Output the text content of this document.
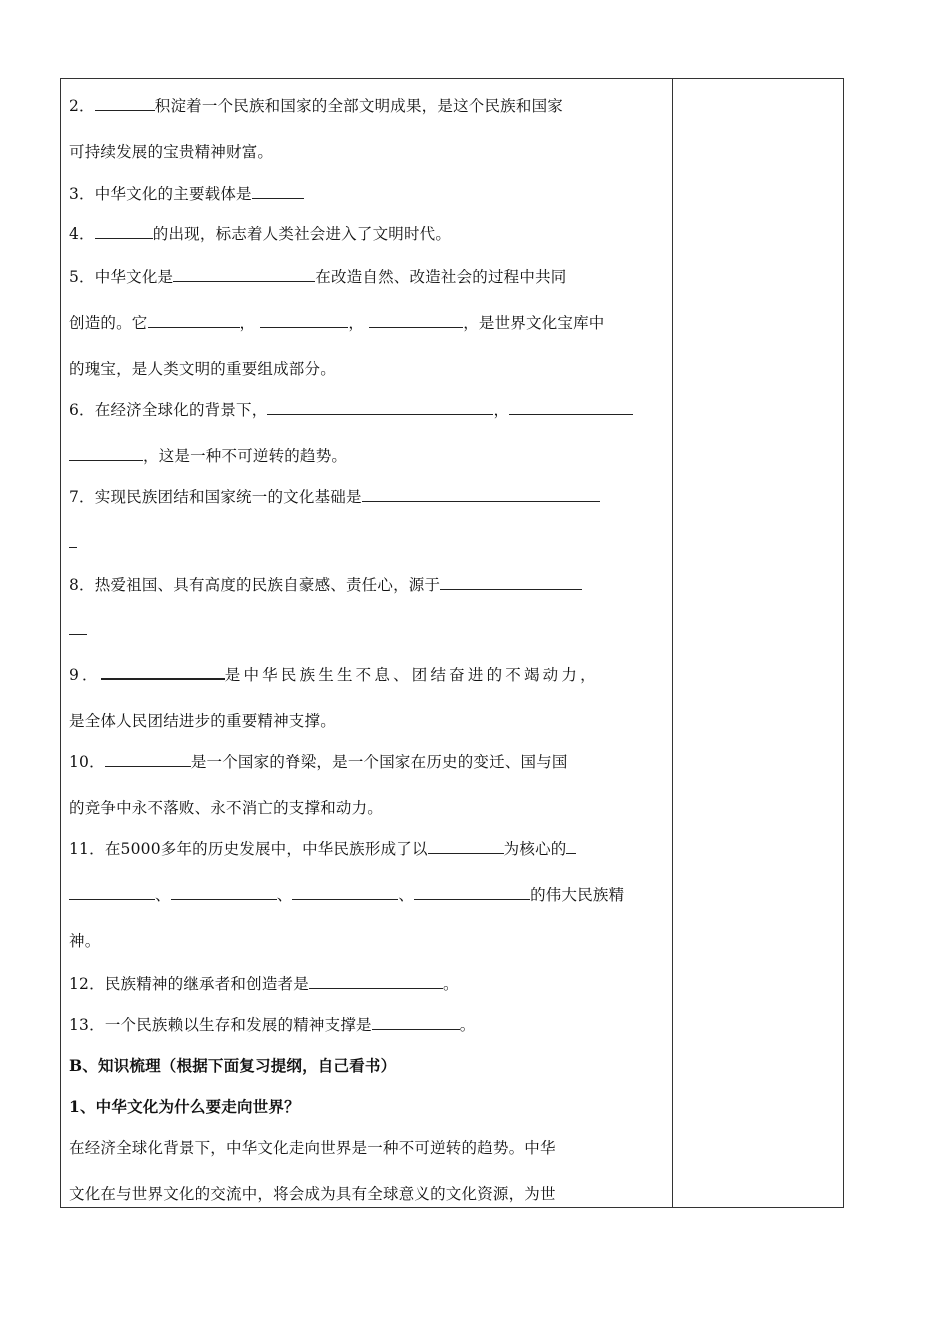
2．	积淀着一个民族和国家的全部文明成果，是这个民族和国家
可持续发展的宝贵精神财富。
3．中华文化的主要载体是
4．	的出现，标志着人类社会进入了文明时代。
5．中华文化是	在改造自然、改造社会的过程中共同
创造的。它	，	，	，是世界文化宝库中
的瑰宝，是人类文明的重要组成部分。
6．在经济全球化的背景下，	，
，这是一种不可逆转的趋势。
7．实现民族团结和国家统一的文化基础是
8．热爱祖国、具有高度的民族自豪感、责任心，源于
9．	是中华民族生生不息、团结奋进的不竭动力，
是全体人民团结进步的重要精神支撑。
10．	是一个国家的脊梁，是一个国家在历史的变迁、国与国
的竞争中永不落败、永不消亡的支撑和动力。
11．在5000多年的历史发展中，中华民族形成了以	为核心的
、	、	、	的伟大民族精
神。
12．民族精神的继承者和创造者是	。
13．一个民族赖以生存和发展的精神支撑是	。
B、知识梳理（根据下面复习提纲，自己看书）
1、中华文化为什么要走向世界？
在经济全球化背景下，中华文化走向世界是一种不可逆转的趋势。中华
文化在与世界文化的交流中，将会成为具有全球意义的文化资源，为世
